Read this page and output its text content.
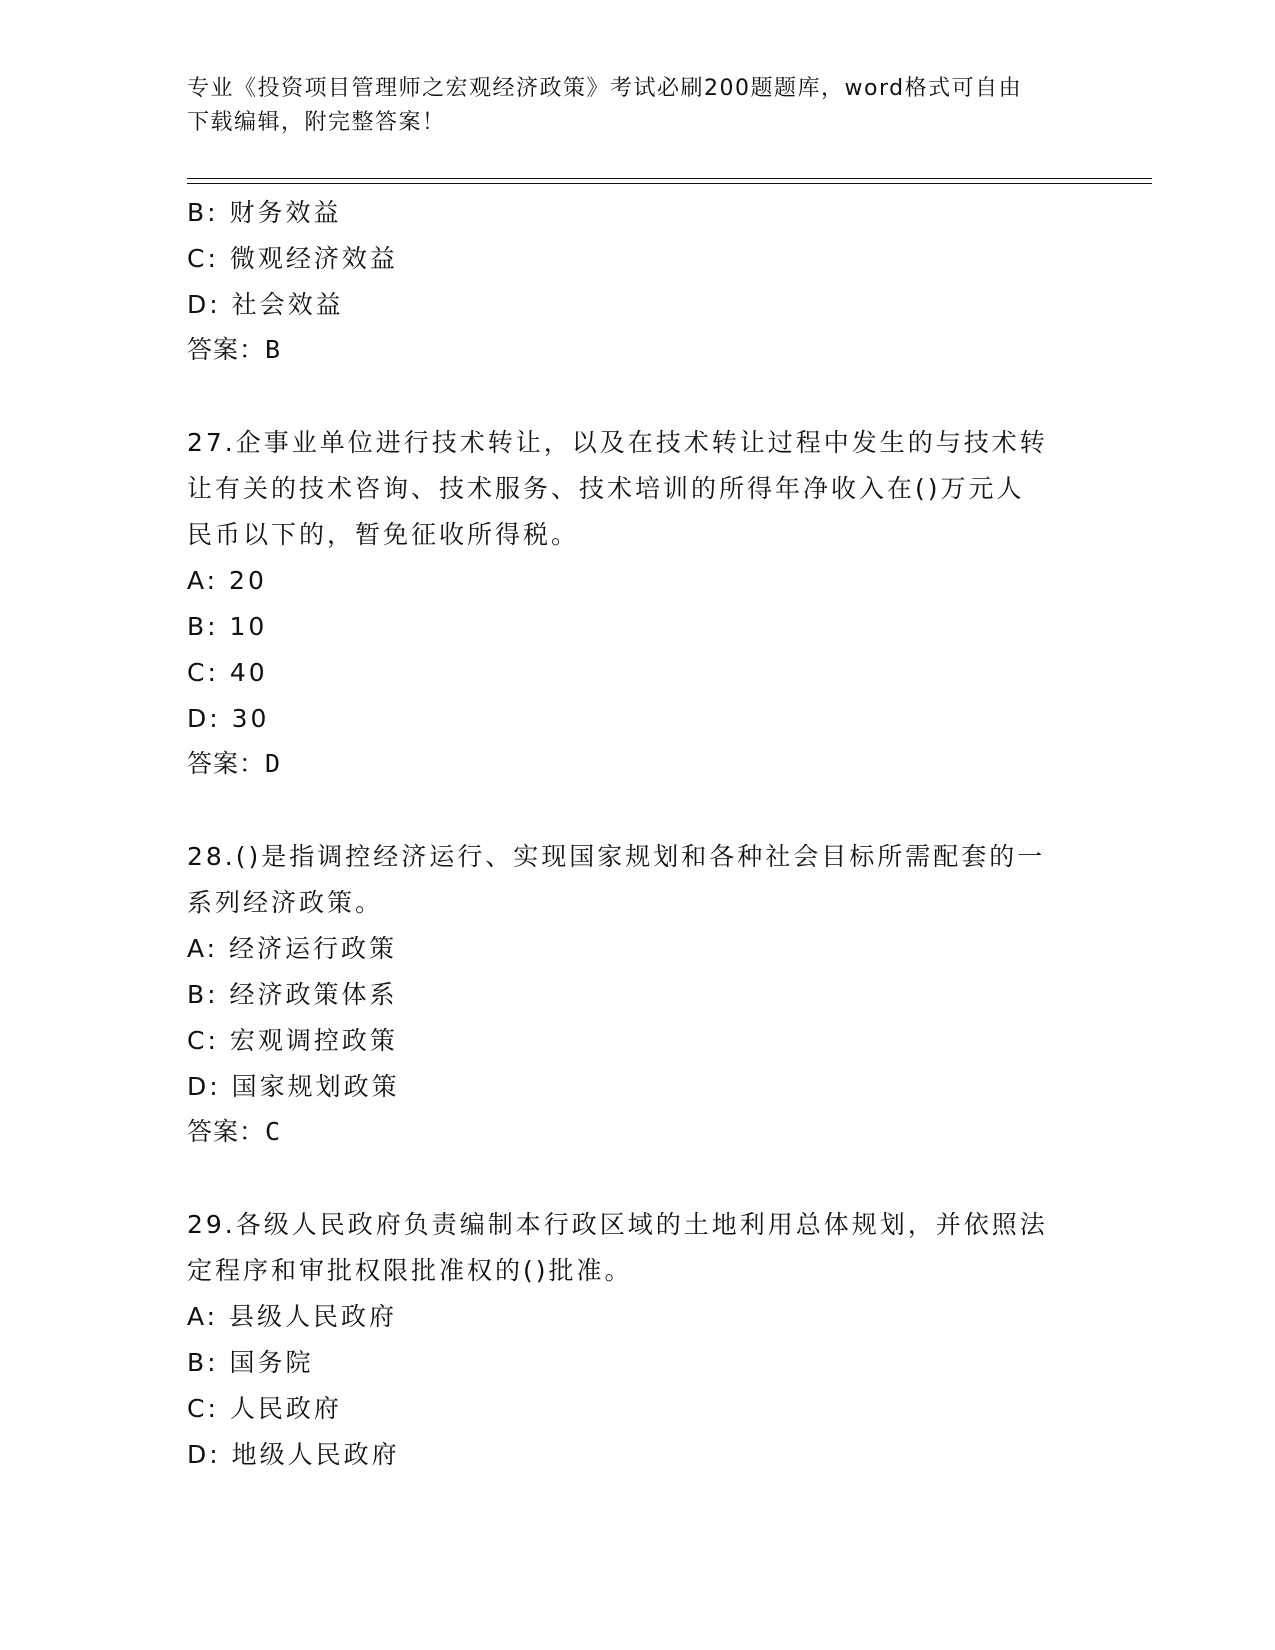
专业《投资项目管理师之宏观经济政策》考试必刷200题题库，word格式可自由
下载编辑，附完整答案！
B: 财务效益
C: 微观经济效益
D: 社会效益
答案：B
27.企事业单位进行技术转让，以及在技术转让过程中发生的与技术转
让有关的技术咨询、技术服务、技术培训的所得年净收入在()万元人
民币以下的，暂免征收所得税。
A: 20
B: 10
C: 40
D: 30
答案：D
28.()是指调控经济运行、实现国家规划和各种社会目标所需配套的一
系列经济政策。
A: 经济运行政策
B: 经济政策体系
C: 宏观调控政策
D: 国家规划政策
答案：C
29.各级人民政府负责编制本行政区域的土地利用总体规划，并依照法
定程序和审批权限批准权的()批准。
A: 县级人民政府
B: 国务院
C: 人民政府
D: 地级人民政府
